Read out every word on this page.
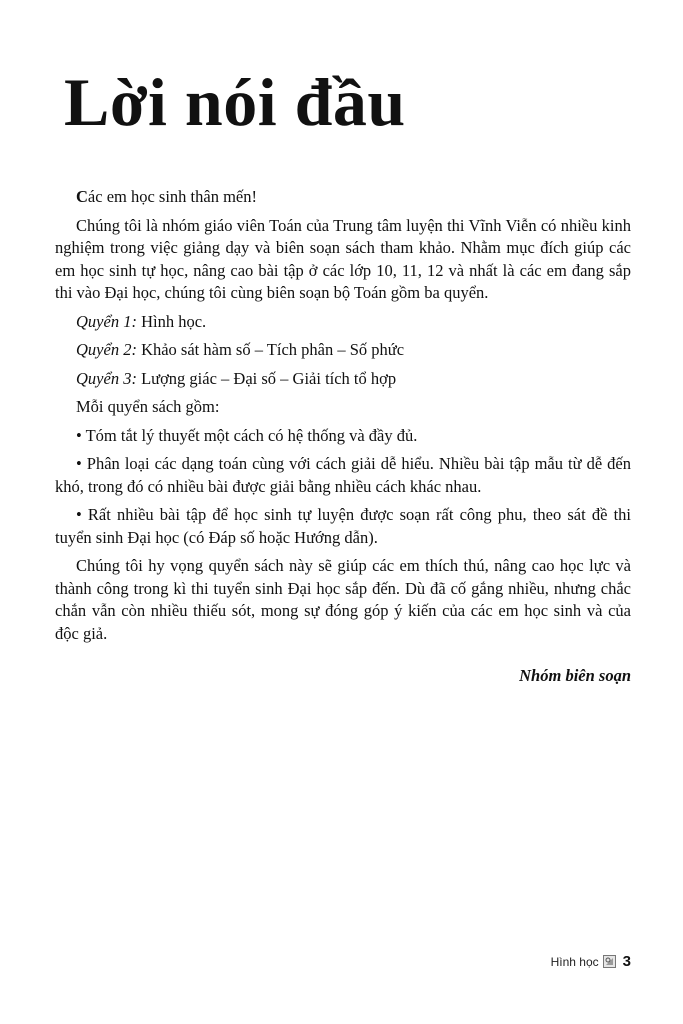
Lời nói đầu

Các em học sinh thân mến!

Chúng tôi là nhóm giáo viên Toán của Trung tâm luyện thi Vĩnh Viễn có nhiều kinh nghiệm trong việc giảng dạy và biên soạn sách tham khảo. Nhằm mục đích giúp các em học sinh tự học, nâng cao bài tập ở các lớp 10, 11, 12 và nhất là các em đang sắp thi vào Đại học, chúng tôi cùng biên soạn bộ Toán gồm ba quyển.

Quyển 1: Hình học.

Quyển 2: Khảo sát hàm số – Tích phân – Số phức

Quyển 3: Lượng giác – Đại số – Giải tích tổ hợp

Mỗi quyển sách gồm:

• Tóm tắt lý thuyết một cách có hệ thống và đầy đủ.

• Phân loại các dạng toán cùng với cách giải dễ hiểu. Nhiều bài tập mẫu từ dễ đến khó, trong đó có nhiều bài được giải bằng nhiều cách khác nhau.

• Rất nhiều bài tập để học sinh tự luyện được soạn rất công phu, theo sát đề thi tuyển sinh Đại học (có Đáp số hoặc Hướng dẫn).

Chúng tôi hy vọng quyển sách này sẽ giúp các em thích thú, nâng cao học lực và thành công trong kì thi tuyển sinh Đại học sắp đến. Dù đã cố gắng nhiều, nhưng chắc chắn vẫn còn nhiều thiếu sót, mong sự đóng góp ý kiến của các em học sinh và của độc giả.

Nhóm biên soạn

Hình học 3
